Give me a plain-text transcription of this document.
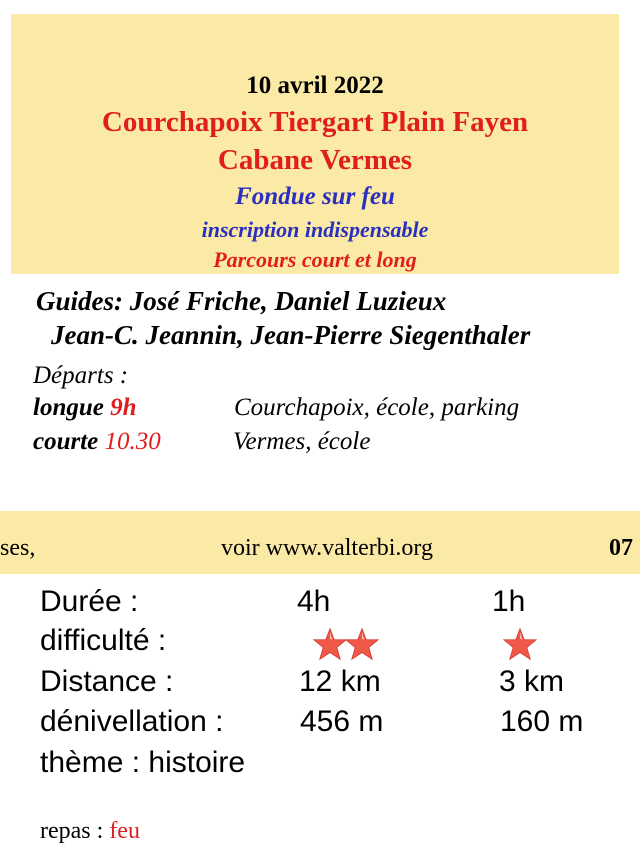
10 avril 2022
Courchapoix Tiergart Plain Fayen
Cabane Vermes
Fondue sur feu
inscription indispensable
Parcours court et long
Guides: José Friche, Daniel Luzieux
Jean-C. Jeannin, Jean-Pierre Siegenthaler
Départs :
longue 9h	Courchapoix, école, parking
courte 10.30	Vermes, école
ses,	voir www.valterbi.org	07
Durée :	4h	1h
difficulté :
Distance :	12 km	3 km
dénivellation :	456 m	160 m
thème : histoire
repas : feu
